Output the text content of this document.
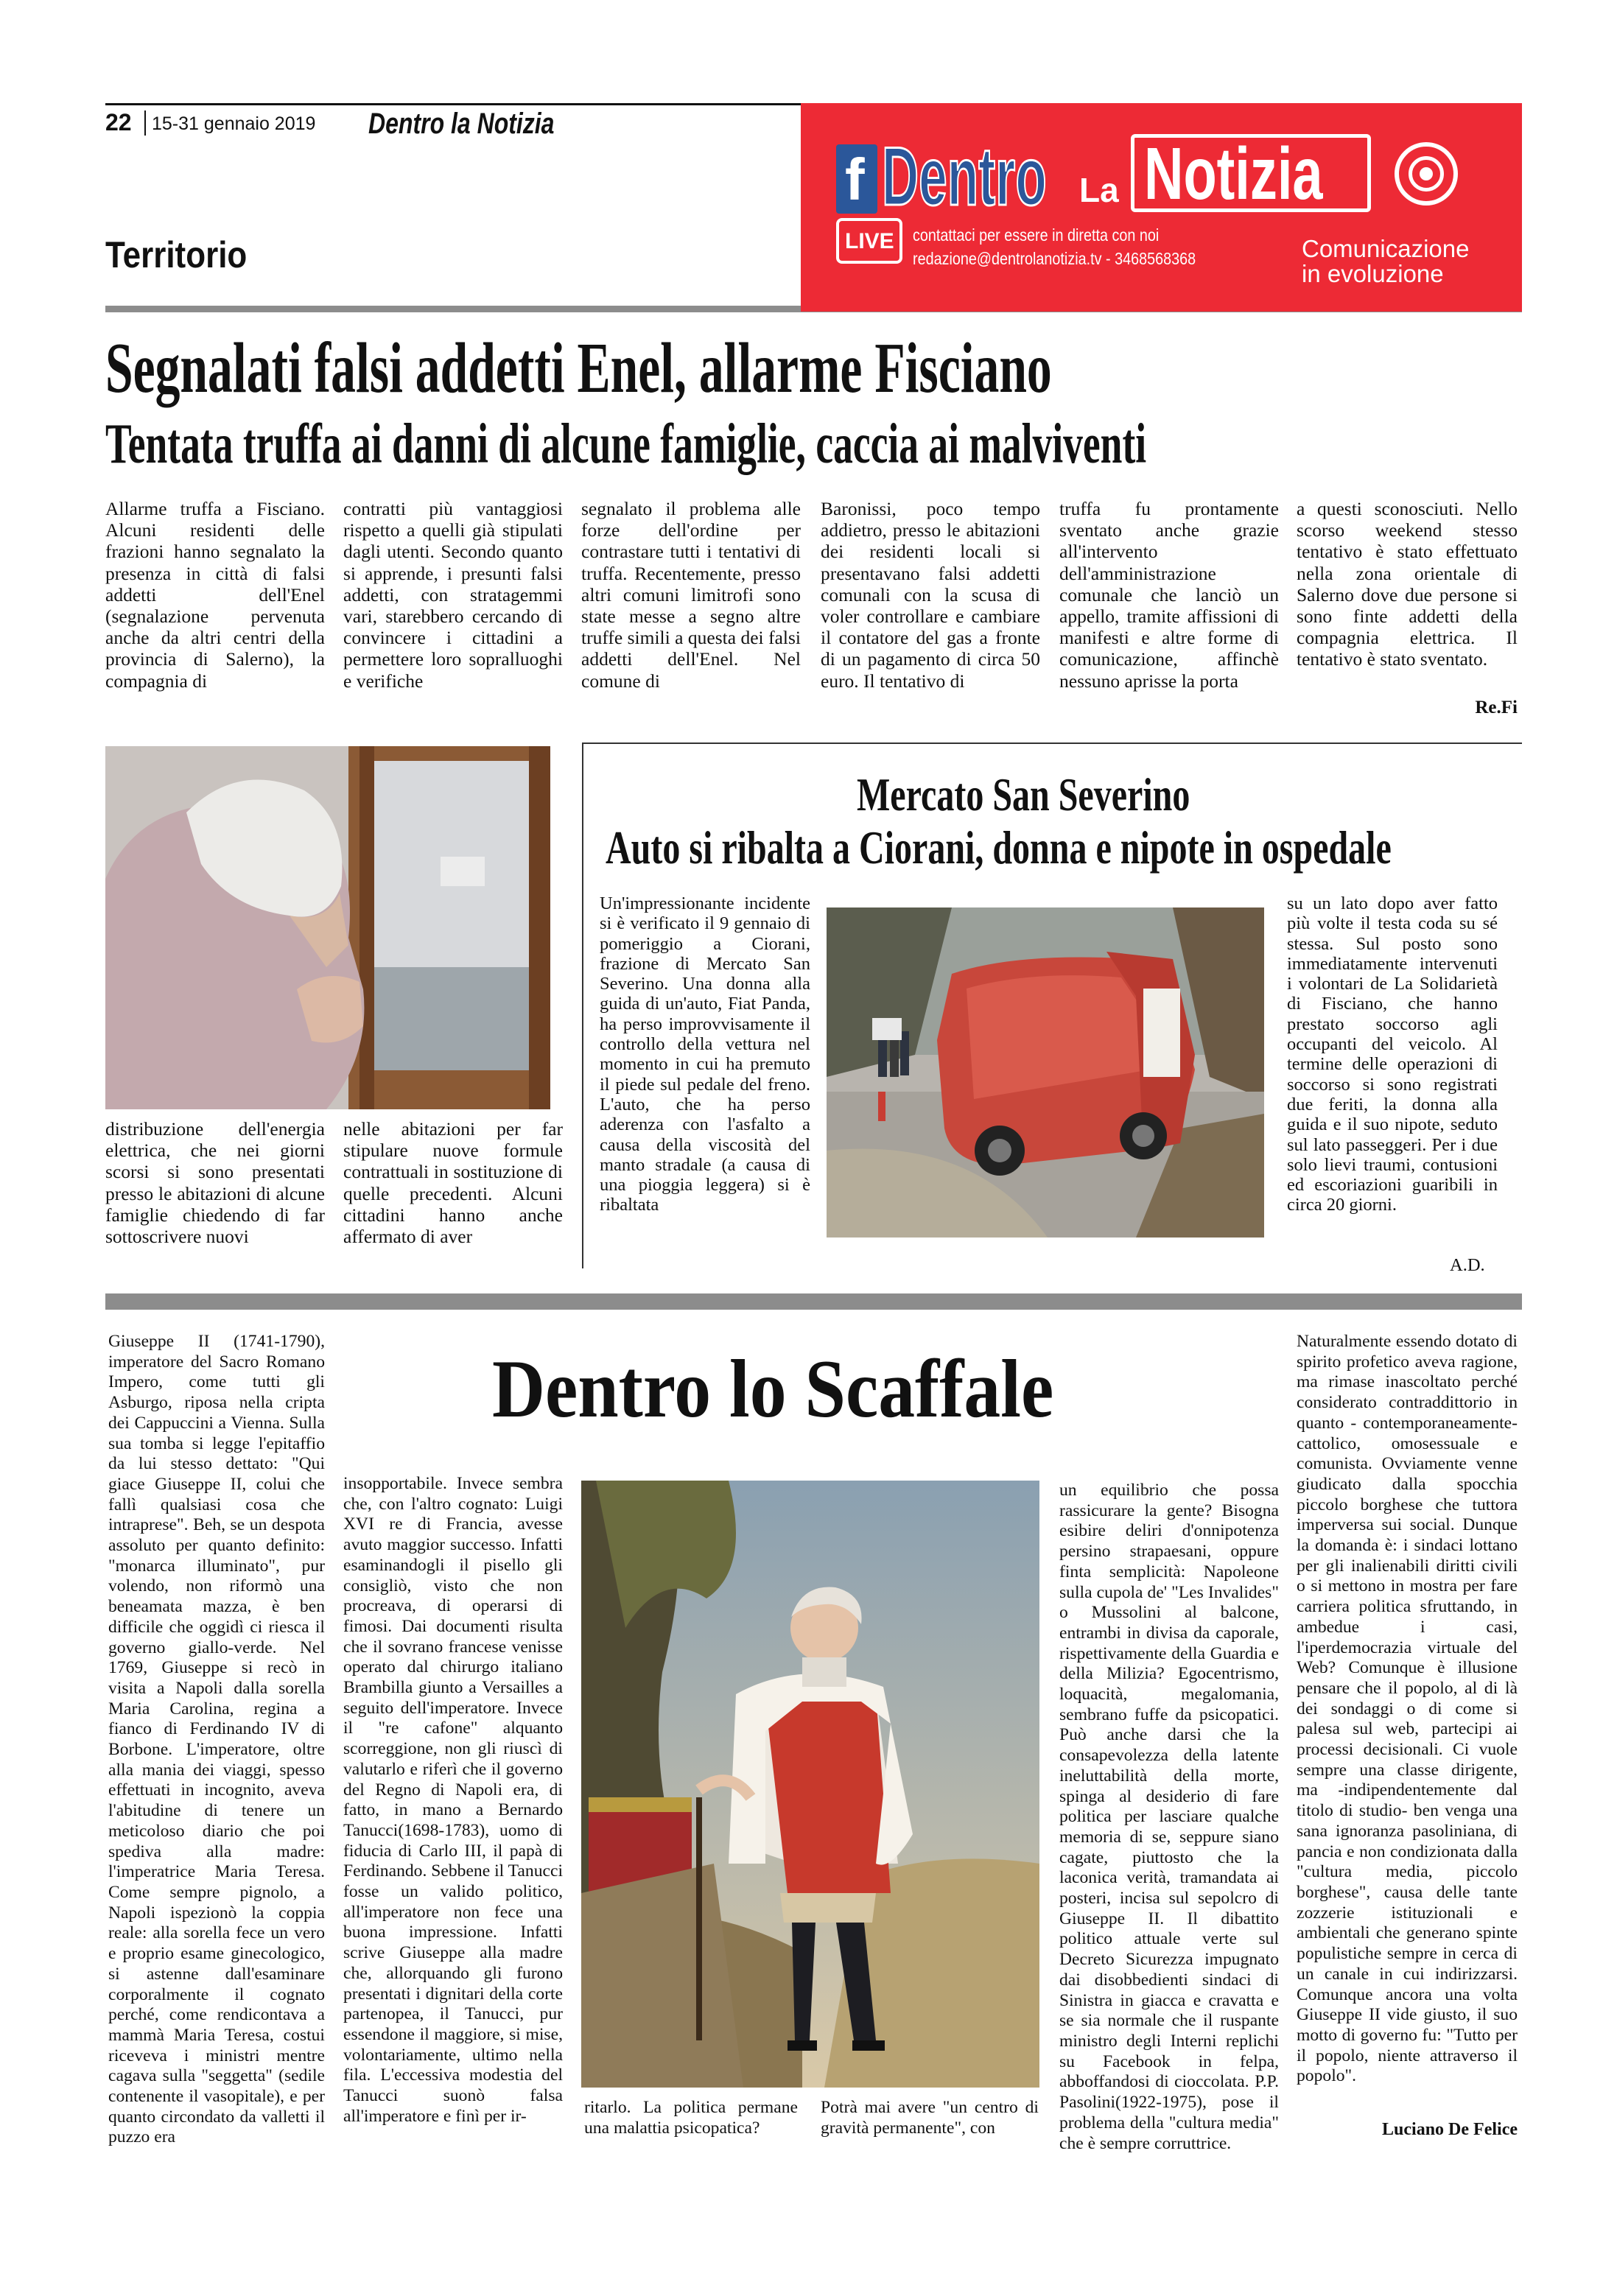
22 15-31 gennaio 2019 Dentro la Notizia
Territorio
f Dentro La Notizia
LIVE contattaci per essere in diretta con noi
redazione@dentrolanotizia.tv - 3468568368	Comunicazione
in evoluzione
Segnalati falsi addetti Enel, allarme Fisciano
Tentata truffa ai danni di alcune famiglie, caccia ai malviventi
Allarme truffa a Fisciano. Alcuni residenti delle frazioni hanno segnalato la presenza in città di falsi addetti dell'Enel (segnalazione pervenuta anche da altri centri della provincia di Salerno), la compagnia di
contratti più vantaggiosi rispetto a quelli già stipulati dagli utenti. Secondo quanto si apprende, i presunti falsi addetti, con stratagemmi vari, starebbero cercando di convincere i cittadini a permettere loro sopralluoghi e verifiche
segnalato il problema alle forze dell'ordine per contrastare tutti i tentativi di truffa. Recentemente, presso altri comuni limitrofi sono state messe a segno altre truffe simili a questa dei falsi addetti dell'Enel. Nel comune di
Baronissi, poco tempo addietro, presso le abitazioni dei residenti locali si presentavano falsi addetti comunali con la scusa di voler controllare e cambiare il contatore del gas a fronte di un pagamento di circa 50 euro. Il tentativo di
truffa fu prontamente sventato anche grazie all'intervento dell'amministrazione comunale che lanciò un appello, tramite affissioni di manifesti e altre forme di comunicazione, affinchè nessuno aprisse la porta
a questi sconosciuti. Nello scorso weekend stesso tentativo è stato effettuato nella zona orientale di Salerno dove due persone si sono finte addetti della compagnia elettrica. Il tentativo è stato sventato.
Re.Fi
distribuzione dell'energia elettrica, che nei giorni scorsi si sono presentati presso le abitazioni di alcune famiglie chiedendo di far sottoscrivere nuovi
nelle abitazioni per far stipulare nuove formule contrattuali in sostituzione di quelle precedenti. Alcuni cittadini hanno anche affermato di aver
Mercato San Severino
Auto si ribalta a Ciorani, donna e nipote in ospedale
Un'impressionante incidente si è verificato il 9 gennaio di pomeriggio a Ciorani, frazione di Mercato San Severino. Una donna alla guida di un'auto, Fiat Panda, ha perso improvvisamente il controllo della vettura nel momento in cui ha premuto il piede sul pedale del freno. L'auto, che ha perso aderenza con l'asfalto a causa della viscosità del manto stradale (a causa di una pioggia leggera) si è ribaltata
su un lato dopo aver fatto più volte il testa coda su sé stessa. Sul posto sono immediatamente intervenuti i volontari de La Solidarietà di Fisciano, che hanno prestato soccorso agli occupanti del veicolo. Al termine delle operazioni di soccorso si sono registrati due feriti, la donna alla guida e il suo nipote, seduto sul lato passeggeri. Per i due solo lievi traumi, contusioni ed escoriazioni guaribili in circa 20 giorni.
A.D.
Giuseppe II (1741-1790), imperatore del Sacro Romano Impero, come tutti gli Asburgo, riposa nella cripta dei Cappuccini a Vienna. Sulla sua tomba si legge l'epitaffio da lui stesso dettato: "Qui giace Giuseppe II, colui che fallì qualsiasi cosa che intraprese". Beh, se un despota assoluto per quanto definito: "monarca illuminato", pur volendo, non riformò una beneamata mazza, è ben difficile che oggidì ci riesca il governo giallo-verde. Nel 1769, Giuseppe si recò in visita a Napoli dalla sorella Maria Carolina, regina a fianco di Ferdinando IV di Borbone. L'imperatore, oltre alla mania dei viaggi, spesso effettuati in incognito, aveva l'abitudine di tenere un meticoloso diario che poi spediva alla madre: l'imperatrice Maria Teresa. Come sempre pignolo, a Napoli ispezionò la coppia reale: alla sorella fece un vero e proprio esame ginecologico, si astenne dall'esaminare corporalmente il cognato perché, come rendicontava a mammà Maria Teresa, costui riceveva i ministri mentre cagava sulla "seggetta" (sedile contenente il vasopitale), e per quanto circondato da valletti il puzzo era
Dentro lo Scaffale
insopportabile. Invece sembra che, con l'altro cognato: Luigi XVI re di Francia, avesse avuto maggior successo. Infatti esaminandogli il pisello gli consigliò, visto che non procreava, di operarsi di fimosi. Dai documenti risulta che il sovrano francese venisse operato dal chirurgo italiano Brambilla giunto a Versailles a seguito dell'imperatore. Invece il "re cafone" alquanto scorreggione, non gli riuscì di valutarlo e riferì che il governo del Regno di Napoli era, di fatto, in mano a Bernardo Tanucci(1698-1783), uomo di fiducia di Carlo III, il papà di Ferdinando. Sebbene il Tanucci fosse un valido politico, all'imperatore non fece una buona impressione. Infatti scrive Giuseppe alla madre che, allorquando gli furono presentati i dignitari della corte partenopea, il Tanucci, pur essendone il maggiore, si mise, volontariamente, ultimo nella fila. L'eccessiva modestia del Tanucci suonò falsa all'imperatore e finì per ir-	ritarlo. La politica permane una malattia psicopatica?
Potrà mai avere "un centro di gravità permanente", con
un equilibrio che possa rassicurare la gente? Bisogna esibire deliri d'onnipotenza persino strapaesani, oppure finta semplicità: Napoleone sulla cupola de' "Les Invalides" o Mussolini al balcone, entrambi in divisa da caporale, rispettivamente della Guardia e della Milizia? Egocentrismo, loquacità, megalomania, sembrano fuffe da psicopatici. Può anche darsi che la consapevolezza della latente ineluttabilità della morte, spinga al desiderio di fare politica per lasciare qualche memoria di se, seppure siano cagate, piuttosto che la laconica verità, tramandata ai posteri, incisa sul sepolcro di Giuseppe II. Il dibattito politico attuale verte sul Decreto Sicurezza impugnato dai disobbedienti sindaci di Sinistra in giacca e cravatta e se sia normale che il ruspante ministro degli Interni replichi su Facebook in felpa, abboffandosi di cioccolata. P.P. Pasolini(1922-1975), pose il problema della "cultura media" che è sempre corruttrice.
Naturalmente essendo dotato di spirito profetico aveva ragione, ma rimase inascoltato perché considerato contraddittorio in quanto - contemporaneamente- cattolico, omosessuale e comunista. Ovviamente venne giudicato dalla spocchia piccolo borghese che tuttora imperversa sui social. Dunque la domanda è: i sindaci lottano per gli inalienabili diritti civili o si mettono in mostra per fare carriera politica sfruttando, in ambedue i casi, l'iperdemocrazia virtuale del Web? Comunque è illusione pensare che il popolo, al di là dei sondaggi o di come si palesa sul web, partecipi ai processi decisionali. Ci vuole sempre una classe dirigente, ma -indipendentemente dal titolo di studio- ben venga una sana ignoranza pasoliniana, di pancia e non condizionata dalla "cultura media, piccolo borghese", causa delle tante zozzerie istituzionali e ambientali che generano spinte populistiche sempre in cerca di un canale in cui indirizzarsi. Comunque ancora una volta Giuseppe II vide giusto, il suo motto di governo fu: "Tutto per il popolo, niente attraverso il popolo".
Luciano De Felice
